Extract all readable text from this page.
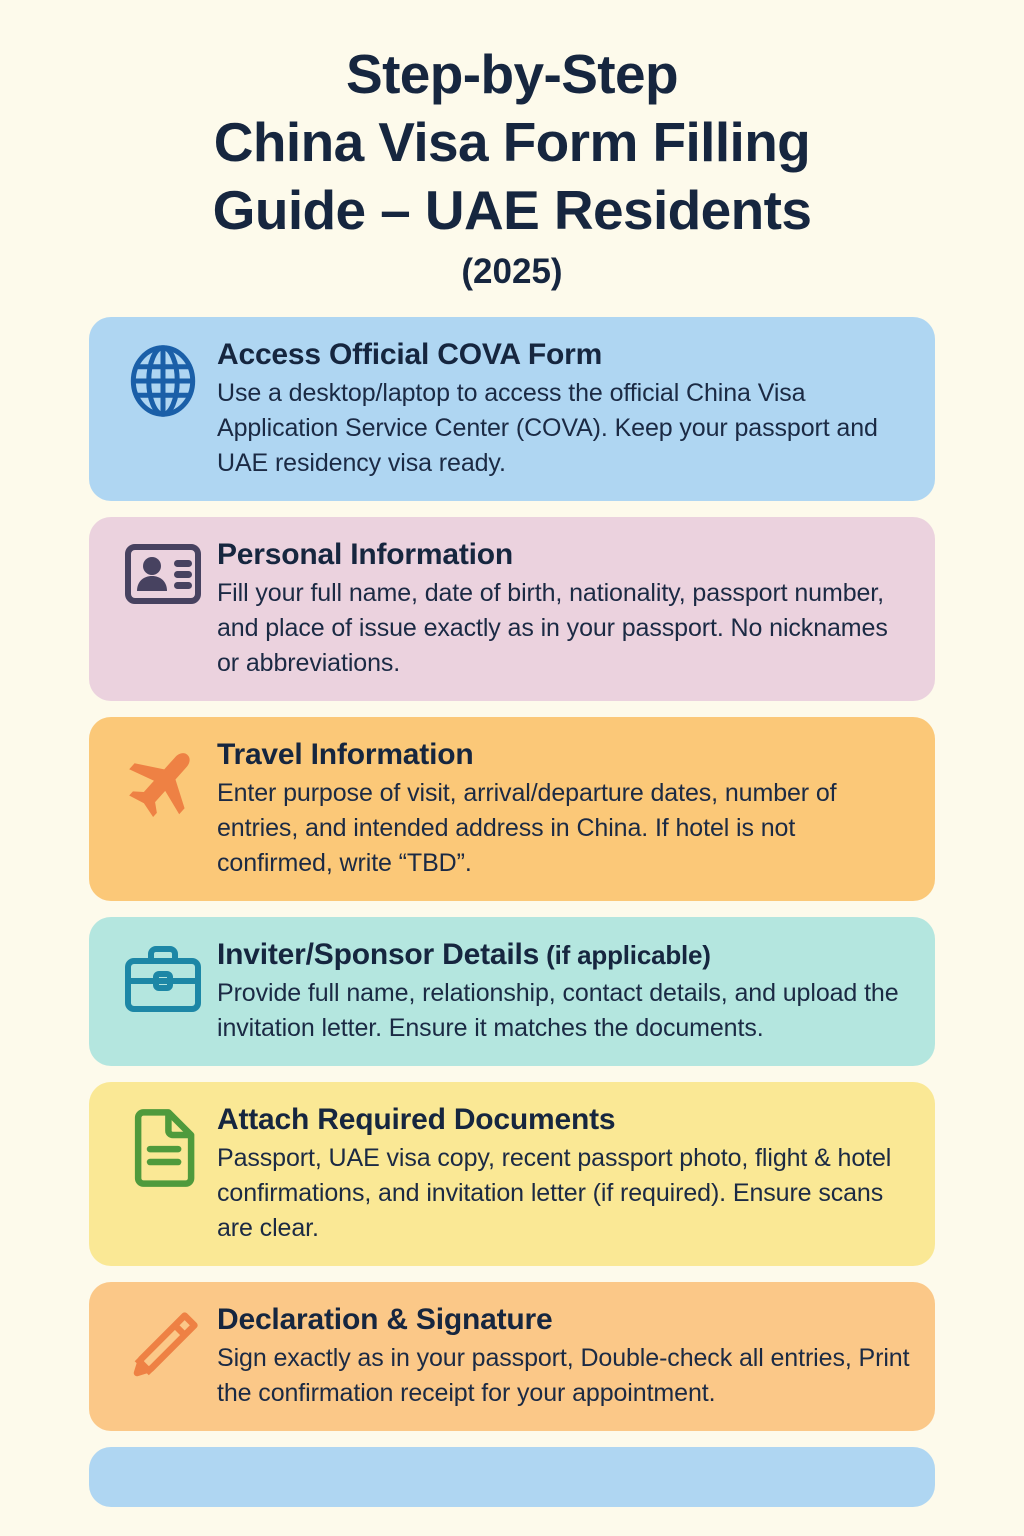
Step-by-Step
China Visa Form Filling
Guide – UAE Residents
(2025)
Access Official COVA Form

Use a desktop/laptop to access the official China Visa Application Service Center (COVA). Keep your passport and UAE residency visa ready.

Personal Information

Fill your full name, date of birth, nationality, passport number, and place of issue exactly as in your passport. No nicknames or abbreviations.

Travel Information

Enter purpose of visit, arrival/departure dates, number of entries, and intended address in China. If hotel is not confirmed, write “TBD”.

Inviter/Sponsor Details (if applicable)

Provide full name, relationship, contact details, and upload the invitation letter. Ensure it matches the documents.

Attach Required Documents

Passport, UAE visa copy, recent passport photo, flight & hotel confirmations, and invitation letter (if required). Ensure scans are clear.

Declaration & Signature

Sign exactly as in your passport, Double-check all entries, Print the confirmation receipt for your appointment.
